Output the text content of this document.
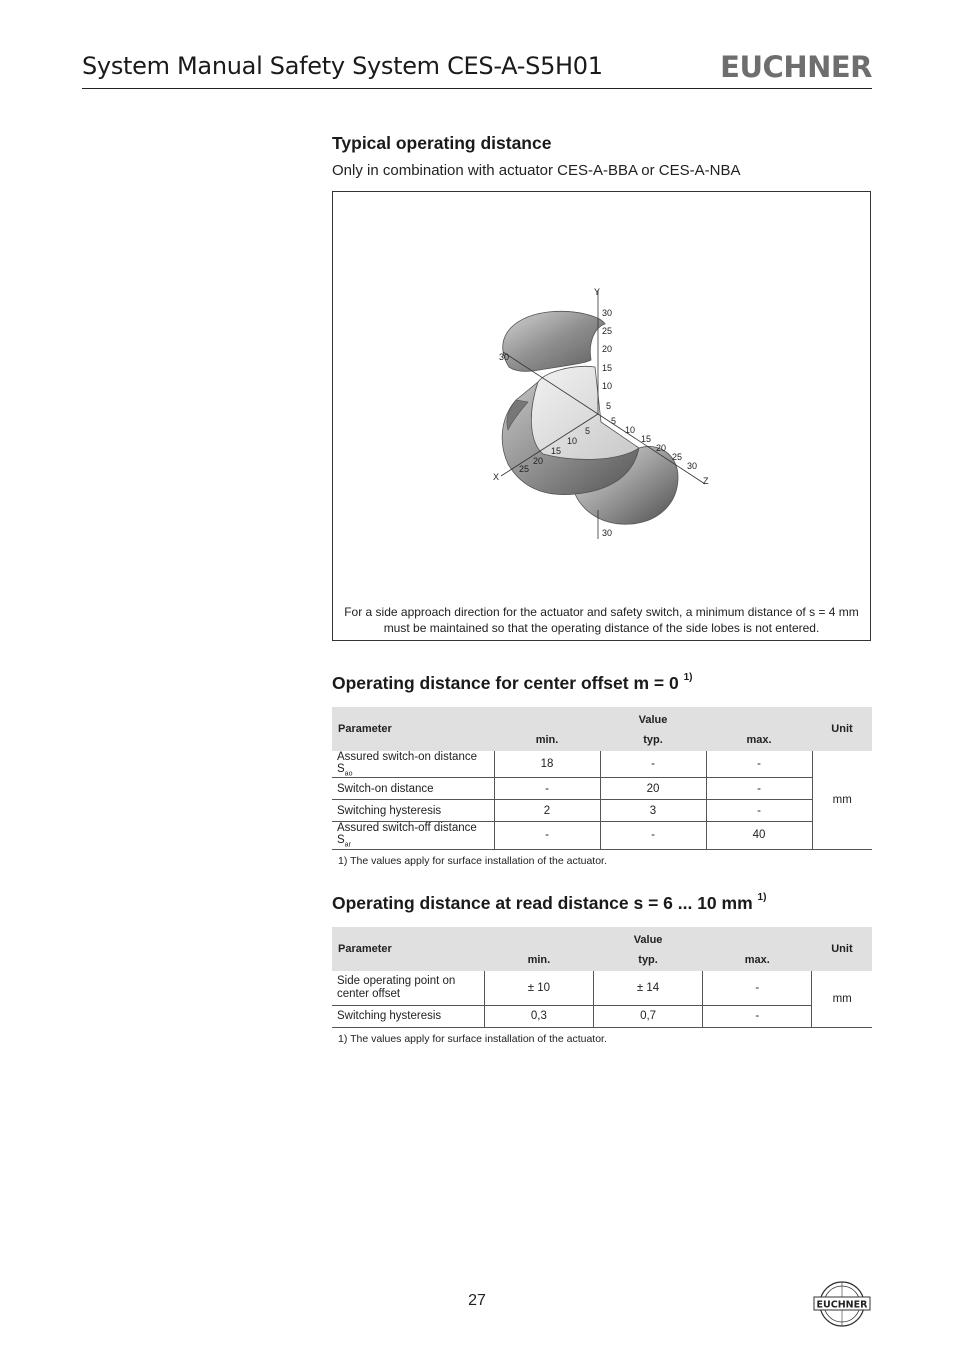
System Manual Safety System CES-A-S5H01	EUCHNER
Typical operating distance
Only in combination with actuator CES-A-BBA or CES-A-NBA
Y
30
25
20
15
10
5
30
5
10
15
20
25
30
Z
5
10
15
20
25
X
30
For a side approach direction for the actuator and safety switch, a minimum distance of s = 4 mm
must be maintained so that the operating distance of the side lobes is not entered.
Operating distance for center offset m = 0 $^{1)}$
Parameter	Value			Unit
	min.	typ.	max.	
Assured switch-on distance $S_{ao}$	18	-	-	mm
Switch-on distance	-	20	-	
Switching hysteresis	2	3	-	
Assured switch-off distance $S_{ar}$	-	-	40	
1) The values apply for surface installation of the actuator.
Operating distance at read distance s = 6 ... 10 mm $^{1)}$
Parameter	Value			Unit
	min.	typ.	max.	
Side operating point on center offset	± 10	± 14	-	mm
Switching hysteresis	0,3	0,7	-	
1) The values apply for surface installation of the actuator.
27	EUCHNER
